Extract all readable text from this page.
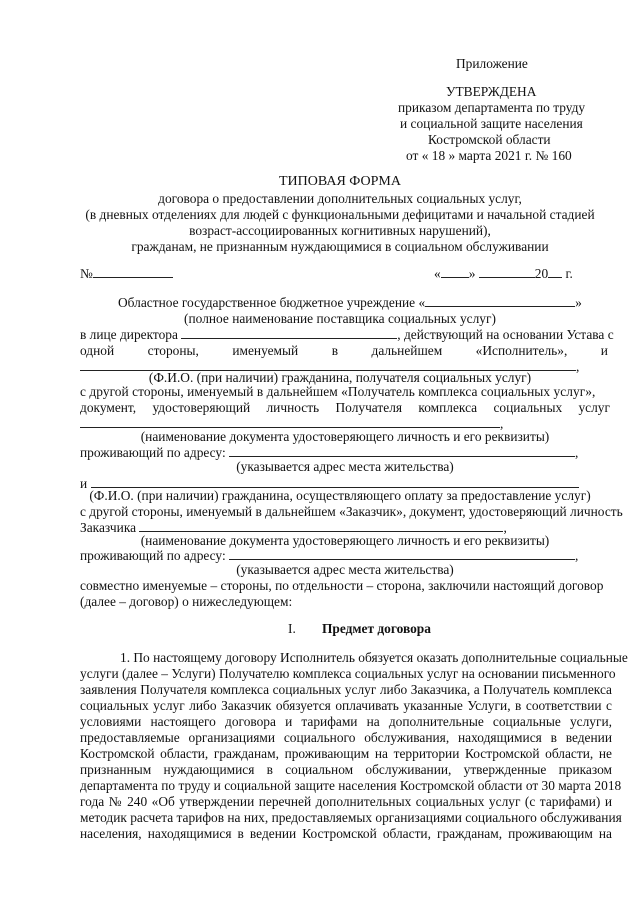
Приложение
УТВЕРЖДЕНА
приказом департамента по труду
и социальной защите населения
Костромской области
от « 18 » марта 2021 г. № 160
ТИПОВАЯ ФОРМА
договора о предоставлении дополнительных социальных услуг,
(в дневных отделениях для людей с функциональными дефицитами и начальной стадией
возраст-ассоциированных когнитивных нарушений),
гражданам, не признанным нуждающимися в социальном обслуживании
№	« »	20 г.
Областное государственное бюджетное учреждение «	»
(полное наименование поставщика социальных услуг)
в лице директора	, действующий на основании Устава с
одной стороны, именуемый в дальнейшем «Исполнитель», и
,
(Ф.И.О. (при наличии) гражданина, получателя социальных услуг)
с другой стороны, именуемый в дальнейшем «Получатель комплекса социальных услуг»,
документ, удостоверяющий личность Получателя комплекса социальных услуг
,
(наименование документа удостоверяющего личность и его реквизиты)
проживающий по адресу:	,
(указывается адрес места жительства)
и
(Ф.И.О. (при наличии) гражданина, осуществляющего оплату за предоставление услуг)
с другой стороны, именуемый в дальнейшем «Заказчик», документ, удостоверяющий личность
Заказчика	,
(наименование документа удостоверяющего личность и его реквизиты)
проживающий по адресу:	,
(указывается адрес места жительства)
совместно именуемые – стороны, по отдельности – сторона, заключили настоящий договор
(далее – договор) о нижеследующем:
I. Предмет договора
1. По настоящему договору Исполнитель обязуется оказать дополнительные социальные
услуги (далее – Услуги) Получателю комплекса социальных услуг на основании письменного
заявления Получателя комплекса социальных услуг либо Заказчика, а Получатель комплекса
социальных услуг либо Заказчик обязуется оплачивать указанные Услуги, в соответствии с
условиями настоящего договора и тарифами на дополнительные социальные услуги,
предоставляемые организациями социального обслуживания, находящимися в ведении
Костромской области, гражданам, проживающим на территории Костромской области, не
признанным нуждающимися в социальном обслуживании, утвержденные приказом
департамента по труду и социальной защите населения Костромской области от 30 марта 2018
года № 240 «Об утверждении перечней дополнительных социальных услуг (с тарифами) и
методик расчета тарифов на них, предоставляемых организациями социального обслуживания
населения, находящимися в ведении Костромской области, гражданам, проживающим на
